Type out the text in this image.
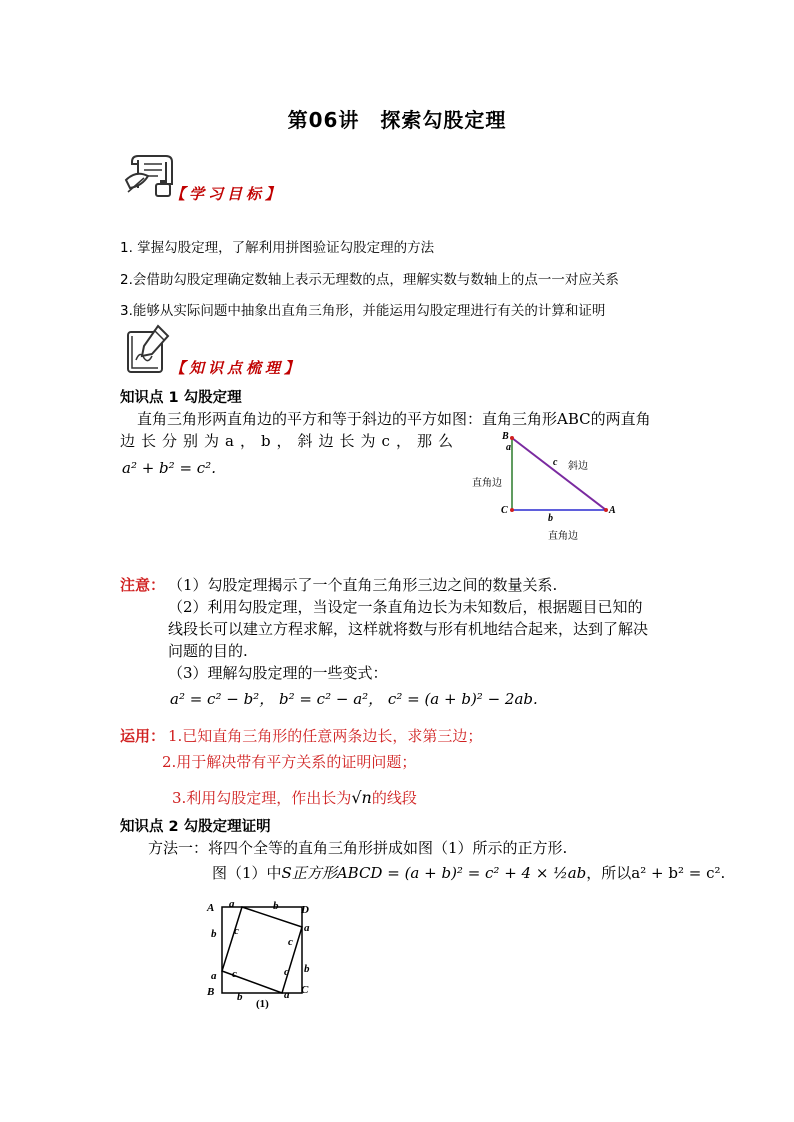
第06讲　探索勾股定理
【学习目标】
1. 掌握勾股定理，了解利用拼图验证勾股定理的方法
2.会借助勾股定理确定数轴上表示无理数的点，理解实数与数轴上的点一一对应关系
3.能够从实际问题中抽象出直角三角形，并能运用勾股定理进行有关的计算和证明
【知识点梳理】
知识点 1 勾股定理
直角三角形两直角边的平方和等于斜边的平方如图：直角三角形ABC的两直角
边长分别为a，b，斜边长为c，那么
a² + b² = c².
B
C	A
a
c
b
直角边
斜边
直角边
注意： （1）勾股定理揭示了一个直角三角形三边之间的数量关系.
（2）利用勾股定理，当设定一条直角边长为未知数后，根据题目已知的
线段长可以建立方程求解，这样就将数与形有机地结合起来，达到了解决
问题的目的.
（3）理解勾股定理的一些变式：
a² = c² − b²， b² = c² − a²， c² = (a + b)² − 2ab.
运用： 1.已知直角三角形的任意两条边长，求第三边；
2.用于解决带有平方关系的证明问题；
3.利用勾股定理，作出长为√n的线段
知识点 2 勾股定理证明
方法一：将四个全等的直角三角形拼成如图（1）所示的正方形.
图（1）中S正方形ABCD = (a + b)² = c² + 4 × ½ab，所以a² + b² = c².
A	D
B	C
a	b
b
a
a
b
b	a
c
c
c	c
(1)
